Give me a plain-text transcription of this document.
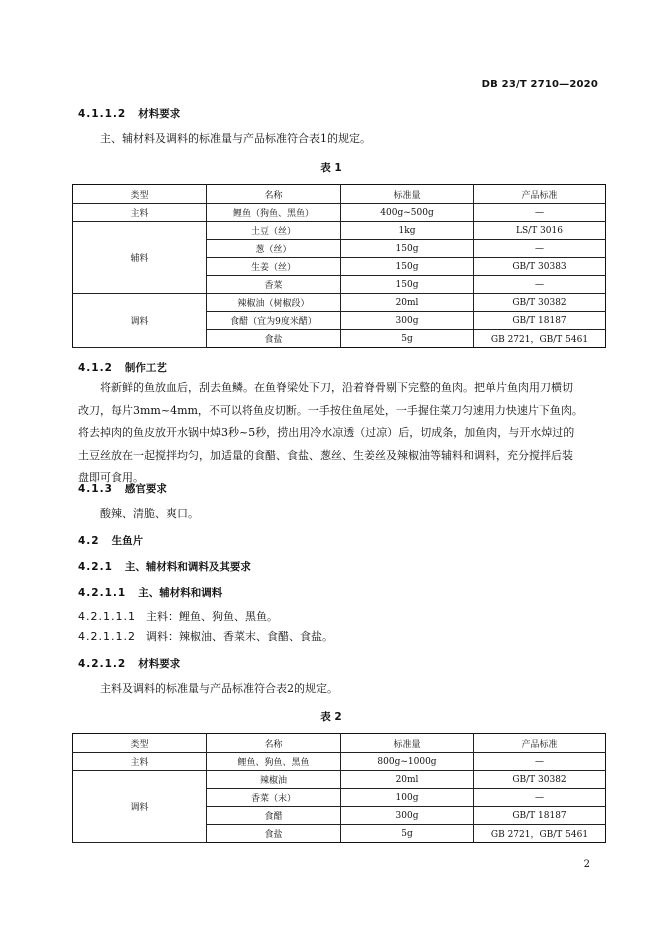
DB 23/T 2710—2020
4.1.1.2 材料要求
主、辅材料及调料的标准量与产品标准符合表1的规定。
表 1
类型	名称	标准量	产品标准
主料	鲤鱼（狗鱼、黑鱼）	400g~500g	—
辅料	土豆（丝）	1kg	LS/T 3016
	葱（丝）	150g	—
	生姜（丝）	150g	GB/T 30383
	香菜	150g	—
调料	辣椒油（树椒段）	20ml	GB/T 30382
	食醋（宜为9度米醋）	300g	GB/T 18187
	食盐	5g	GB 2721，GB/T 5461
4.1.2 制作工艺
将新鲜的鱼放血后，刮去鱼鳞。在鱼脊梁处下刀，沿着脊骨剔下完整的鱼肉。把单片鱼肉用刀横切
改刀，每片3mm~4mm，不可以将鱼皮切断。一手按住鱼尾处，一手握住菜刀匀速用力快速片下鱼肉。
将去掉肉的鱼皮放开水锅中焯3秒~5秒，捞出用冷水凉透（过凉）后，切成条，加鱼肉，与开水焯过的
土豆丝放在一起搅拌均匀，加适量的食醋、食盐、葱丝、生姜丝及辣椒油等辅料和调料，充分搅拌后装
盘即可食用。
4.1.3 感官要求
酸辣、清脆、爽口。
4.2 生鱼片
4.2.1 主、辅材料和调料及其要求
4.2.1.1 主、辅材料和调料
4.2.1.1.1 主料：鲤鱼、狗鱼、黑鱼。
4.2.1.1.2 调料：辣椒油、香菜末、食醋、食盐。
4.2.1.2 材料要求
主料及调料的标准量与产品标准符合表2的规定。
表 2
类型	名称	标准量	产品标准
主料	鲤鱼、狗鱼、黑鱼	800g~1000g	—
调料	辣椒油	20ml	GB/T 30382
	香菜（末）	100g	—
	食醋	300g	GB/T 18187
	食盐	5g	GB 2721，GB/T 5461
2
